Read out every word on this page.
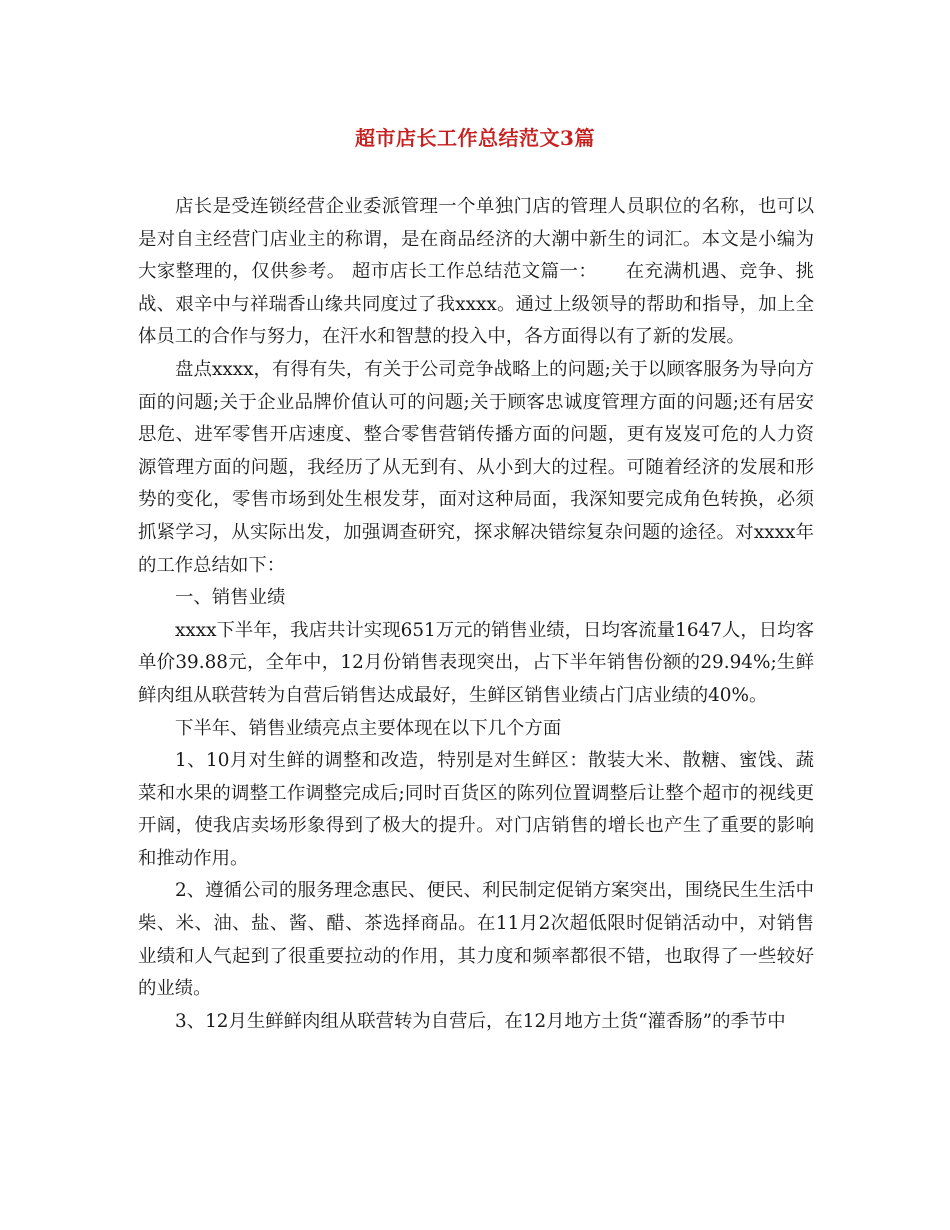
超市店长工作总结范文3篇

店长是受连锁经营企业委派管理一个单独门店的管理人员职位的名称，也可以是对自主经营门店业主的称谓，是在商品经济的大潮中新生的词汇。本文是小编为大家整理的，仅供参考。 超市店长工作总结范文篇一：　　在充满机遇、竞争、挑战、艰辛中与祥瑞香山缘共同度过了我xxxx。通过上级领导的帮助和指导，加上全体员工的合作与努力，在汗水和智慧的投入中，各方面得以有了新的发展。

盘点xxxx，有得有失，有关于公司竞争战略上的问题;关于以顾客服务为导向方面的问题;关于企业品牌价值认可的问题;关于顾客忠诚度管理方面的问题;还有居安思危、进军零售开店速度、整合零售营销传播方面的问题，更有岌岌可危的人力资源管理方面的问题，我经历了从无到有、从小到大的过程。可随着经济的发展和形势的变化，零售市场到处生根发芽，面对这种局面，我深知要完成角色转换，必须抓紧学习，从实际出发，加强调查研究，探求解决错综复杂问题的途径。对xxxx年的工作总结如下：

一、销售业绩

xxxx下半年，我店共计实现651万元的销售业绩，日均客流量1647人，日均客单价39.88元，全年中，12月份销售表现突出，占下半年销售份额的29.94%;生鲜鲜肉组从联营转为自营后销售达成最好，生鲜区销售业绩占门店业绩的40%。

下半年、销售业绩亮点主要体现在以下几个方面

1、10月对生鲜的调整和改造，特别是对生鲜区：散装大米、散糖、蜜饯、蔬菜和水果的调整工作调整完成后;同时百货区的陈列位置调整后让整个超市的视线更开阔，使我店卖场形象得到了极大的提升。对门店销售的增长也产生了重要的影响和推动作用。

2、遵循公司的服务理念惠民、便民、利民制定促销方案突出，围绕民生生活中柴、米、油、盐、酱、醋、茶选择商品。在11月2次超低限时促销活动中，对销售业绩和人气起到了很重要拉动的作用，其力度和频率都很不错，也取得了一些较好的业绩。

3、12月生鲜鲜肉组从联营转为自营后，在12月地方土货“灌香肠”的季节中
